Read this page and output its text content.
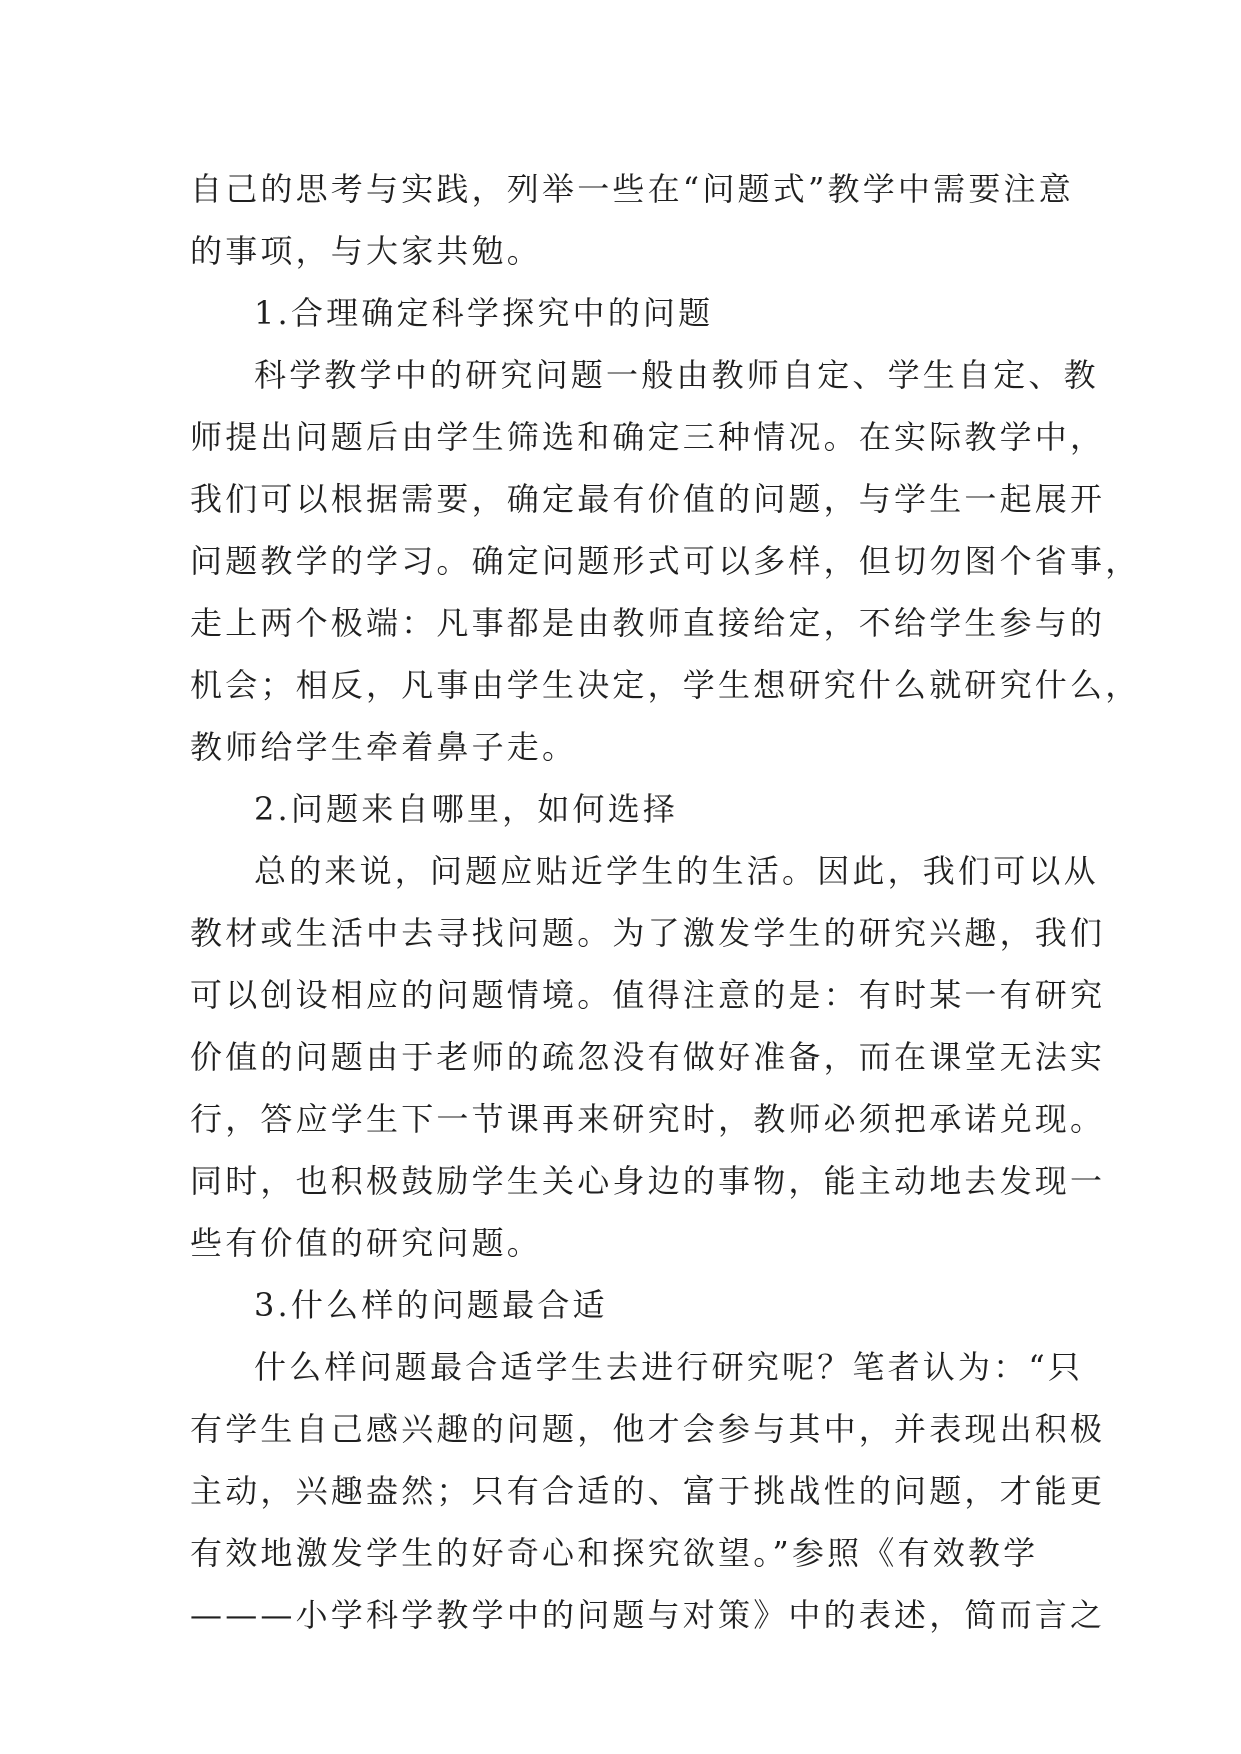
自己的思考与实践，列举一些在“问题式”教学中需要注意
的事项，与大家共勉。
1.合理确定科学探究中的问题
科学教学中的研究问题一般由教师自定、学生自定、教
师提出问题后由学生筛选和确定三种情况。在实际教学中，
我们可以根据需要，确定最有价值的问题，与学生一起展开
问题教学的学习。确定问题形式可以多样，但切勿图个省事，
走上两个极端：凡事都是由教师直接给定，不给学生参与的
机会；相反，凡事由学生决定，学生想研究什么就研究什么，
教师给学生牵着鼻子走。
2.问题来自哪里，如何选择
总的来说，问题应贴近学生的生活。因此，我们可以从
教材或生活中去寻找问题。为了激发学生的研究兴趣，我们
可以创设相应的问题情境。值得注意的是：有时某一有研究
价值的问题由于老师的疏忽没有做好准备，而在课堂无法实
行，答应学生下一节课再来研究时，教师必须把承诺兑现。
同时，也积极鼓励学生关心身边的事物，能主动地去发现一
些有价值的研究问题。
3.什么样的问题最合适
什么样问题最合适学生去进行研究呢？笔者认为：“只
有学生自己感兴趣的问题，他才会参与其中，并表现出积极
主动，兴趣盎然；只有合适的、富于挑战性的问题，才能更
有效地激发学生的好奇心和探究欲望。”参照《有效教学
———小学科学教学中的问题与对策》中的表述，简而言之
